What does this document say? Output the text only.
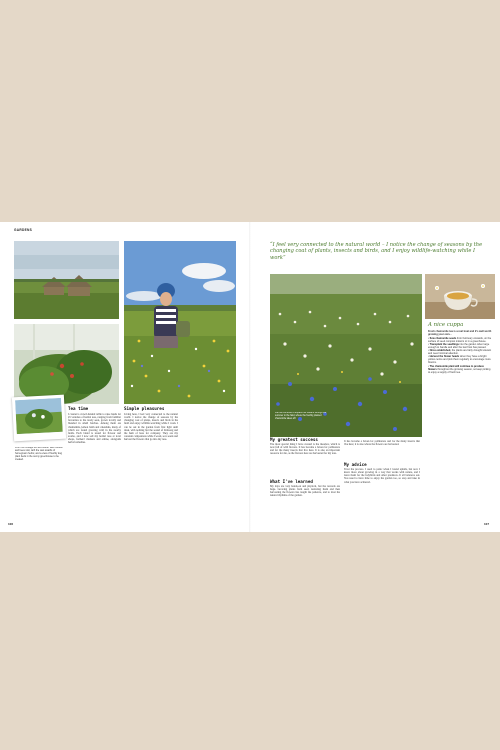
GARDENS
From the cottage left and below: wild children and bees visit, with the vast swaths of homegrown herbs; and a view of freshly dug plant beds in the sunny greenhouse to be created.
Tea time
I created a crowd-funded raffle to raise funds for 45 varieties of herbal teas, ranging from familiar favourites to the rarely seen, grown locally and blended in small batches. Among them are chamomile, lemon balm and calendula, many of which are found growing wild in the nearby fields. Each blend is tested for flavour and aroma, and I now sell my herbal teas at local shops, farmers' markets and online, alongside herbal remedies.
Simple pleasures
Living here, I feel very connected to the natural world. I notice the change of seasons by the changing coat of plants, insects and birds in the field and enjoy wildlife-watching while I work. I can be out in the garden from first light until dusk, with nothing but the sound of birdsong and the hum of bees for company. They are my constant companions while I weed, sow seeds and harvest the flowers that go into my teas.
106
“I feel very connected to the natural world – I notice the change of seasons by the changing coat of plants, insects and birds, and I enjoy wildlife-watching while I work”
Joe will continue to expand his flowers through the summer in the field, where the freshly planted chamomile takes off.
My greatest success
The most special thing I have created is the meadow, which is now full of wild flowers. It has become a haven for pollinators and for the many insects that live here. It is also an important resource for me, as the flowers here are harvested for my teas.
What I've learned
My days are very hands-on and physical, but the rewards are huge. Growing plants from seed, nurturing them and then harvesting the flowers has taught me patience, and to trust the natural rhythms of the garden.
It has become a haven for pollinators and for the many insects that live here; it is also where the flowers are harvested.
My advice
Trust the process. I used to panic when I found aphids, but now I know more about growing in a way that works with nature, and I leave them for the ladybirds and other predators. It all balances out. You need to have time to enjoy the garden too, so stop and take in what you have achieved.
A nice cuppa
Fresh chamomile tea is a real treat and it's well worth growing your own...
• Sow chamomile seeds from February onwards, on the surface of seed compost indoors or in a greenhouse.
• Transplant the seedlings into the garden when large enough to handle and after the last frost has passed.
• Once established, the plants are fairly drought tolerant and need minimal attention.
• Harvest the flower heads when they have a bright yellow centre and pick them regularly to encourage more blooms.
• The chamomile plant will continue to produce flowers throughout the growing season, so keep picking to enjoy a supply of fresh tea.
107
